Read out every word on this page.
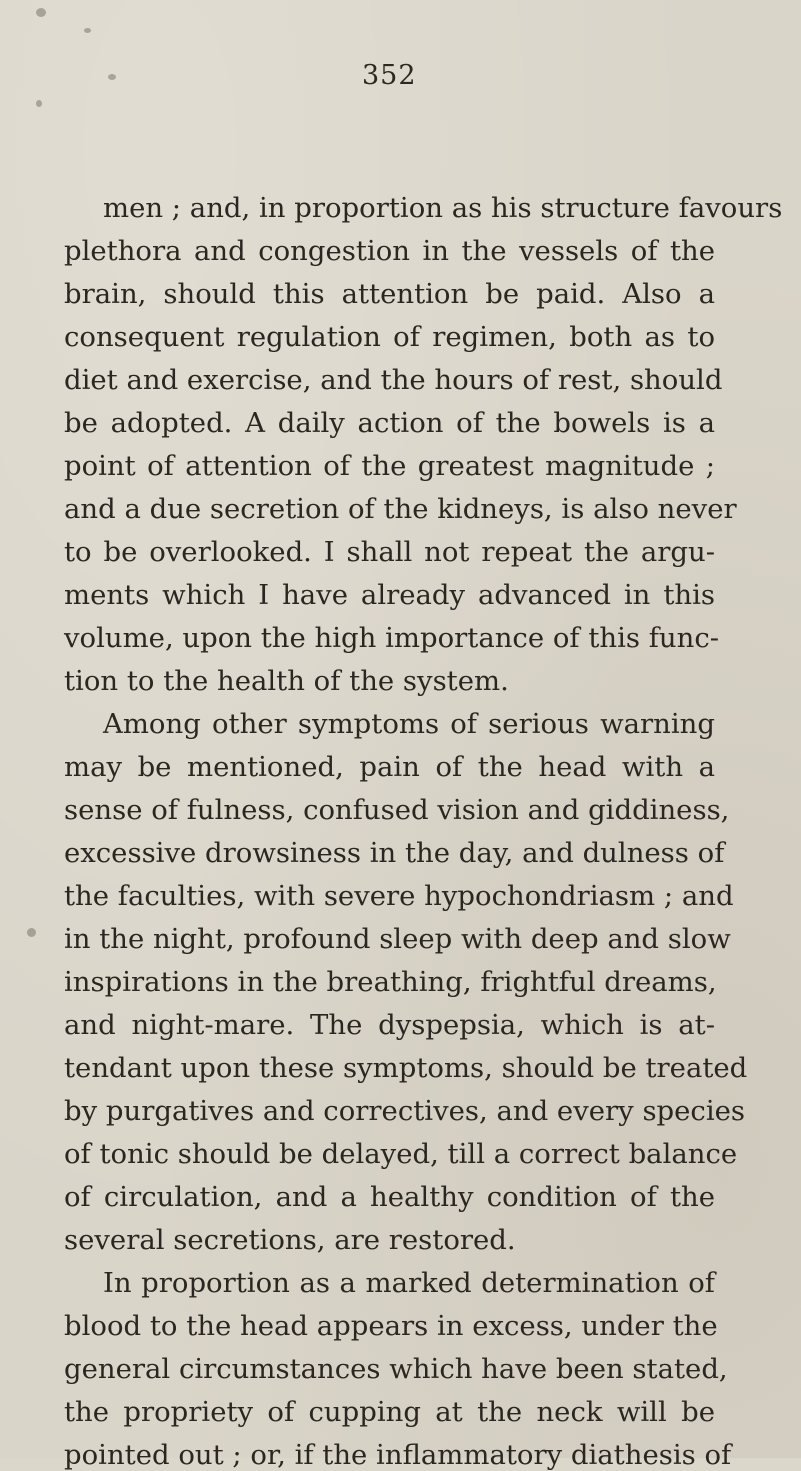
352
men ; and, in proportion as his structure favours
plethora and congestion in the vessels of the
brain, should this attention be paid. Also a
consequent regulation of regimen, both as to
diet and exercise, and the hours of rest, should
be adopted. A daily action of the bowels is a
point of attention of the greatest magnitude ;
and a due secretion of the kidneys, is also never
to be overlooked. I shall not repeat the argu-
ments which I have already advanced in this
volume, upon the high importance of this func-
tion to the health of the system.
Among other symptoms of serious warning
may be mentioned, pain of the head with a
sense of fulness, confused vision and giddiness,
excessive drowsiness in the day, and dulness of
the faculties, with severe hypochondriasm ; and
in the night, profound sleep with deep and slow
inspirations in the breathing, frightful dreams,
and night-mare. The dyspepsia, which is at-
tendant upon these symptoms, should be treated
by purgatives and correctives, and every species
of tonic should be delayed, till a correct balance
of circulation, and a healthy condition of the
several secretions, are restored.
In proportion as a marked determination of
blood to the head appears in excess, under the
general circumstances which have been stated,
the propriety of cupping at the neck will be
pointed out ; or, if the inflammatory diathesis of
